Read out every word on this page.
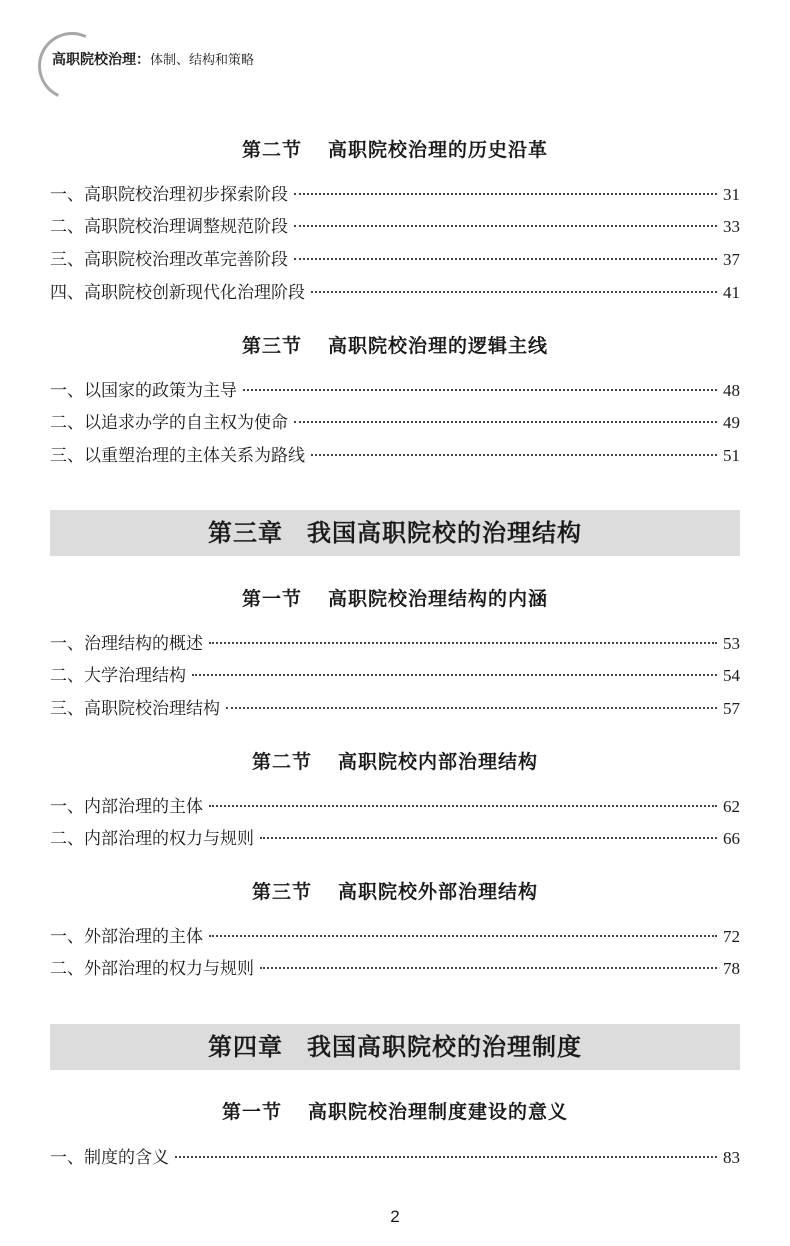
高职院校治理：体制、结构和策略
第二节 高职院校治理的历史沿革
一、高职院校治理初步探索阶段	31
二、高职院校治理调整规范阶段	33
三、高职院校治理改革完善阶段	37
四、高职院校创新现代化治理阶段	41
第三节 高职院校治理的逻辑主线
一、以国家的政策为主导	48
二、以追求办学的自主权为使命	49
三、以重塑治理的主体关系为路线	51
第三章 我国高职院校的治理结构
第一节 高职院校治理结构的内涵
一、治理结构的概述	53
二、大学治理结构	54
三、高职院校治理结构	57
第二节 高职院校内部治理结构
一、内部治理的主体	62
二、内部治理的权力与规则	66
第三节 高职院校外部治理结构
一、外部治理的主体	72
二、外部治理的权力与规则	78
第四章 我国高职院校的治理制度
第一节 高职院校治理制度建设的意义
一、制度的含义	83
2
